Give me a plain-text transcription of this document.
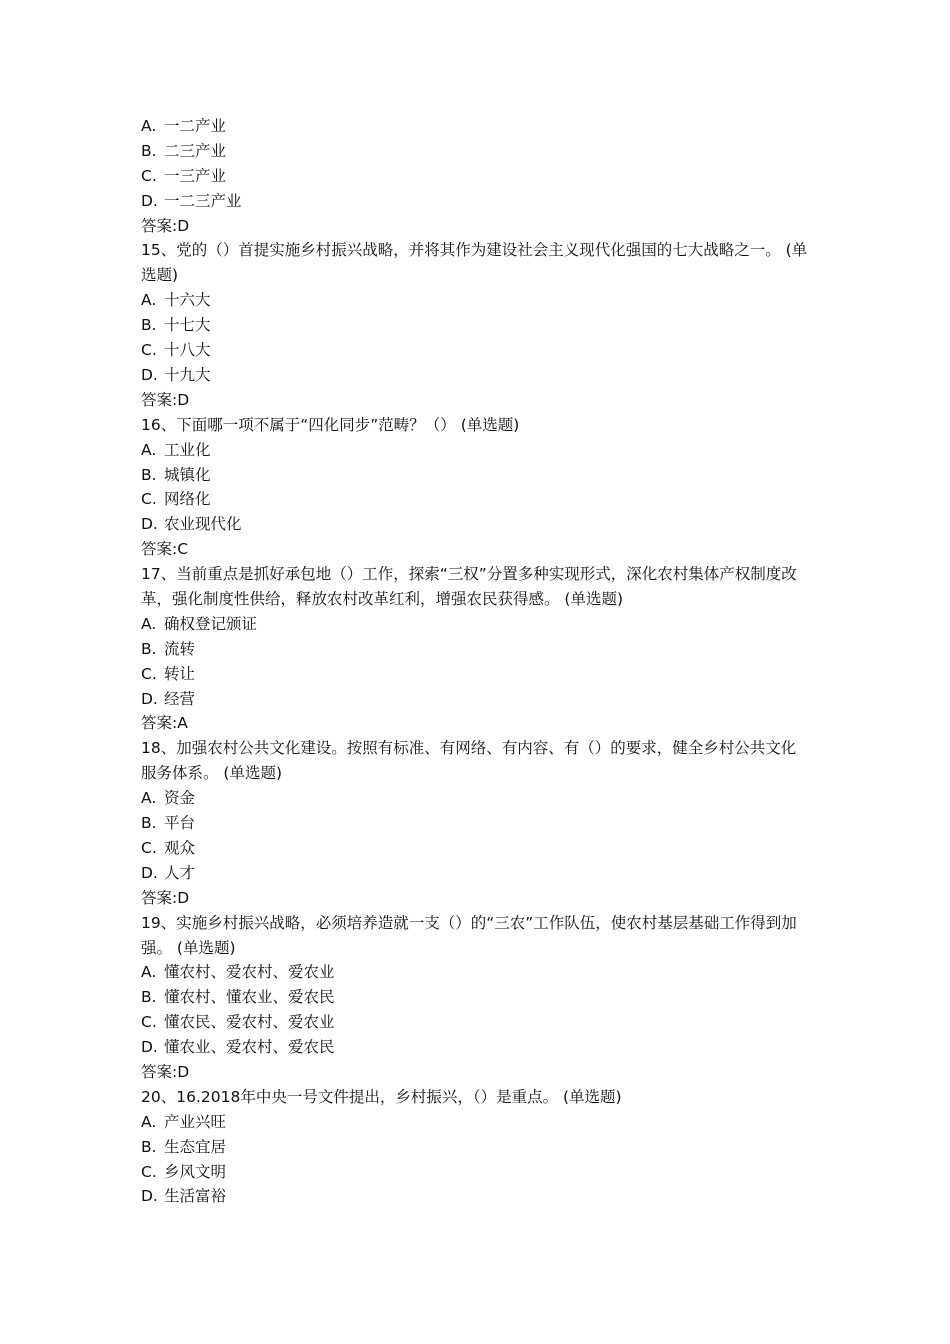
A. 一二产业
B. 二三产业
C. 一三产业
D. 一二三产业
答案:D
15、党的（）首提实施乡村振兴战略，并将其作为建设社会主义现代化强国的七大战略之一。 (单选题)
A. 十六大
B. 十七大
C. 十八大
D. 十九大
答案:D
16、下面哪一项不属于“四化同步”范畴？（） (单选题)
A. 工业化
B. 城镇化
C. 网络化
D. 农业现代化
答案:C
17、当前重点是抓好承包地（）工作，探索“三权”分置多种实现形式，深化农村集体产权制度改革，强化制度性供给，释放农村改革红利，增强农民获得感。 (单选题)
A. 确权登记颁证
B. 流转
C. 转让
D. 经营
答案:A
18、加强农村公共文化建设。按照有标准、有网络、有内容、有（）的要求，健全乡村公共文化服务体系。 (单选题)
A. 资金
B. 平台
C. 观众
D. 人才
答案:D
19、实施乡村振兴战略，必须培养造就一支（）的“三农”工作队伍，使农村基层基础工作得到加强。 (单选题)
A. 懂农村、爱农村、爱农业
B. 懂农村、懂农业、爱农民
C. 懂农民、爱农村、爱农业
D. 懂农业、爱农村、爱农民
答案:D
20、16.2018年中央一号文件提出，乡村振兴，（）是重点。 (单选题)
A. 产业兴旺
B. 生态宜居
C. 乡风文明
D. 生活富裕
